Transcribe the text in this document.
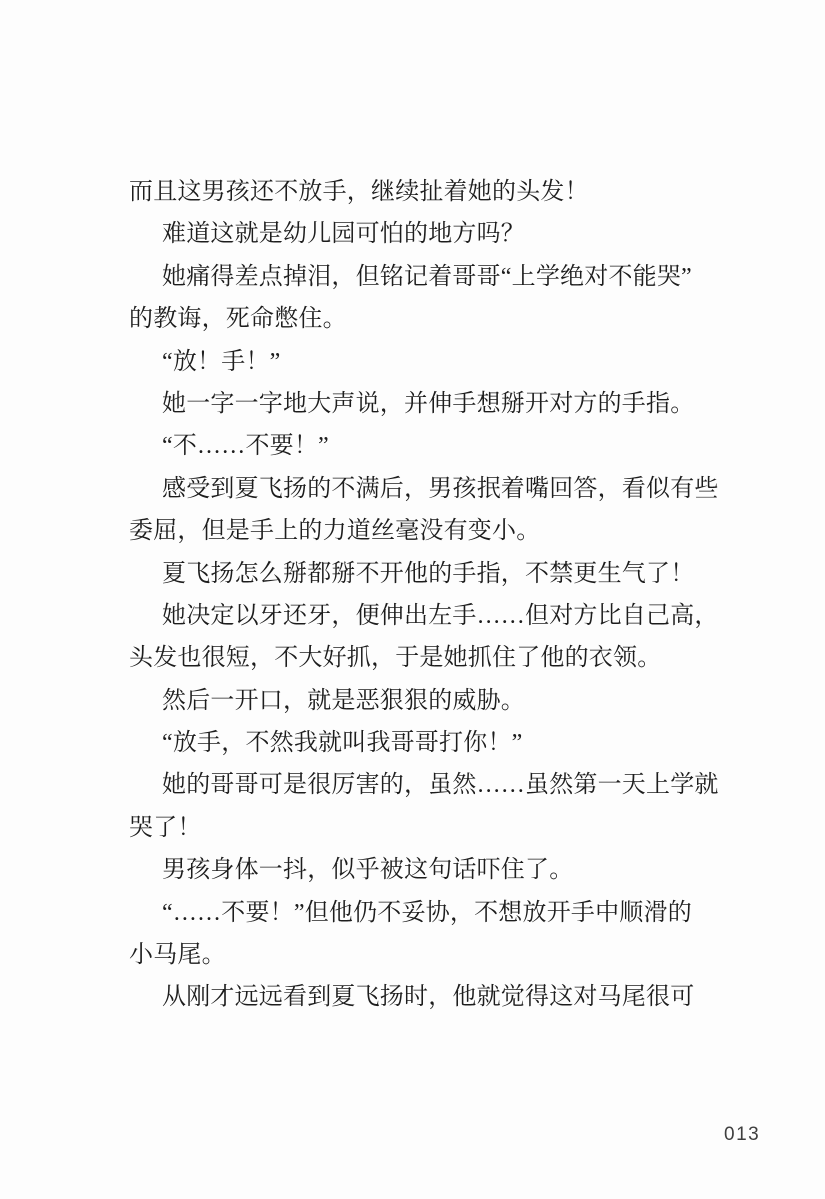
而且这男孩还不放手，继续扯着她的头发！
难道这就是幼儿园可怕的地方吗？
她痛得差点掉泪，但铭记着哥哥“上学绝对不能哭”
的教诲，死命憋住。
“放！手！”
她一字一字地大声说，并伸手想掰开对方的手指。
“不……不要！”
感受到夏飞扬的不满后，男孩抿着嘴回答，看似有些
委屈，但是手上的力道丝毫没有变小。
夏飞扬怎么掰都掰不开他的手指，不禁更生气了！
她决定以牙还牙，便伸出左手……但对方比自己高，
头发也很短，不大好抓，于是她抓住了他的衣领。
然后一开口，就是恶狠狠的威胁。
“放手，不然我就叫我哥哥打你！”
她的哥哥可是很厉害的，虽然……虽然第一天上学就
哭了！
男孩身体一抖，似乎被这句话吓住了。
“……不要！”但他仍不妥协，不想放开手中顺滑的
小马尾。
从刚才远远看到夏飞扬时，他就觉得这对马尾很可
013
